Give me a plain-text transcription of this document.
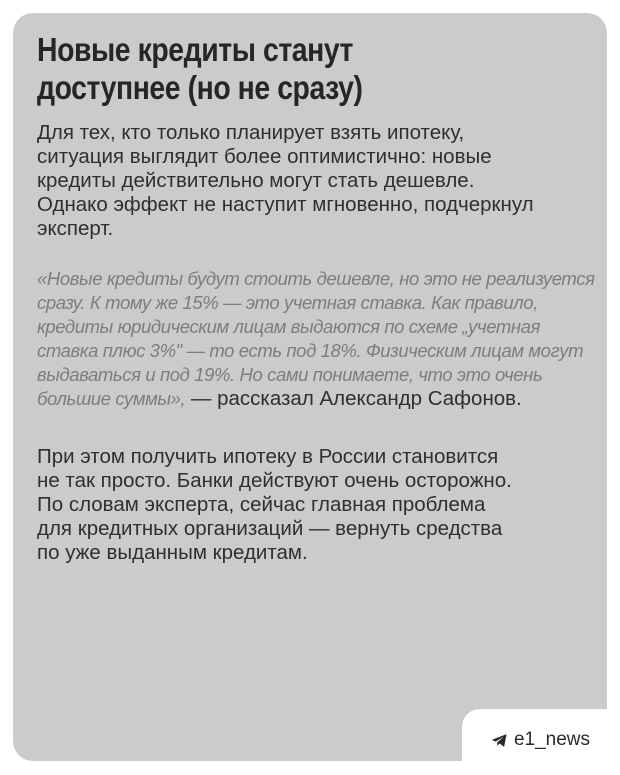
Новые кредиты станут
доступнее (но не сразу)

Для тех, кто только планирует взять ипотеку,
ситуация выглядит более оптимистично: новые
кредиты действительно могут стать дешевле.
Однако эффект не наступит мгновенно, подчеркнул
эксперт.

«Новые кредиты будут стоить дешевле, но это не реализуется
сразу. К тому же 15% — это учетная ставка. Как правило,
кредиты юридическим лицам выдаются по схеме „учетная
ставка плюс 3%" — то есть под 18%. Физическим лицам могут
выдаваться и под 19%. Но сами понимаете, что это очень
большие суммы», — рассказал Александр Сафонов.

При этом получить ипотеку в России становится
не так просто. Банки действуют очень осторожно.
По словам эксперта, сейчас главная проблема
для кредитных организаций — вернуть средства
по уже выданным кредитам.

e1_news
